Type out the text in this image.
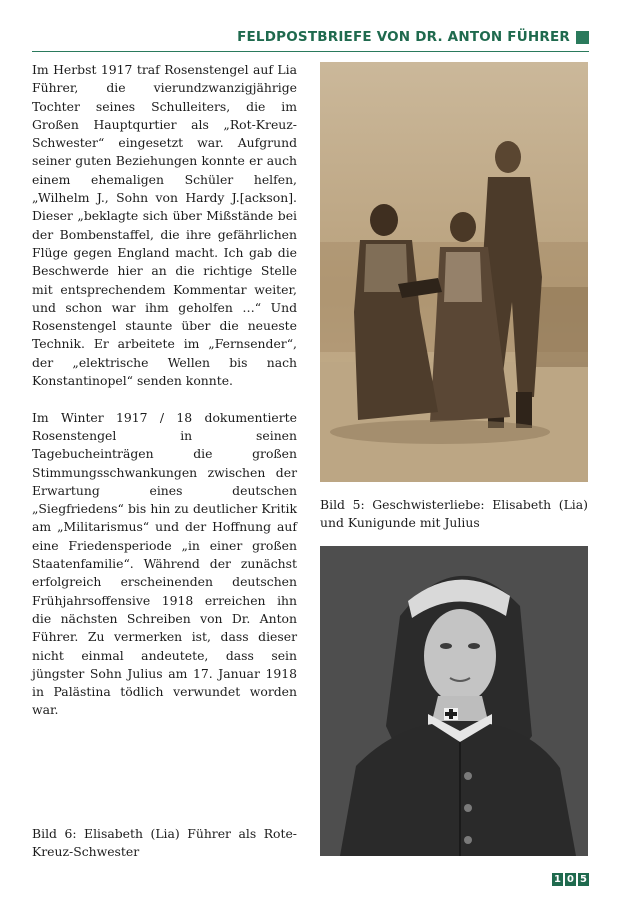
FELDPOSTBRIEFE VON DR. ANTON FÜHRER

Im Herbst 1917 traf Rosenstengel auf Lia Führer, die vierundzwanzigjährige Tochter seines Schulleiters, die im Großen Hauptqurtier als „Rot-Kreuz-Schwester“ eingesetzt war. Aufgrund seiner guten Beziehungen konnte er auch einem ehemaligen Schüler helfen, „Wilhelm J., Sohn von Hardy J.[ackson]. Dieser „beklagte sich über Mißstände bei der Bombenstaffel, die ihre gefährlichen Flüge gegen England macht. Ich gab die Beschwerde hier an die richtige Stelle mit entsprechendem Kommentar weiter, und schon war ihm geholfen …“ Und Rosenstengel staunte über die neueste Technik. Er arbeitete im „Fernsender“, der „elektrische Wellen bis nach Konstantinopel“ senden konnte.

Im Winter 1917 / 18 dokumentierte Rosenstengel in seinen Tagebucheinträgen die großen Stimmungsschwankungen zwischen der Erwartung eines deutschen „Siegfriedens“ bis hin zu deutlicher Kritik am „Militarismus“ und der Hoffnung auf eine Friedensperiode „in einer großen Staatenfamilie“. Während der zunächst erfolgreich erscheinenden deutschen Frühjahrsoffensive 1918 erreichen ihn die nächsten Schreiben von Dr. Anton Führer. Zu vermerken ist, dass dieser nicht einmal andeutete, dass sein jüngster Sohn Julius am 17. Januar 1918 in Palästina tödlich verwundet worden war.

Bild 5: Geschwisterliebe: Elisabeth (Lia) und Kunigunde mit Julius
Bild 6: Elisabeth (Lia) Führer als Rote-Kreuz-Schwester
1 0 5
